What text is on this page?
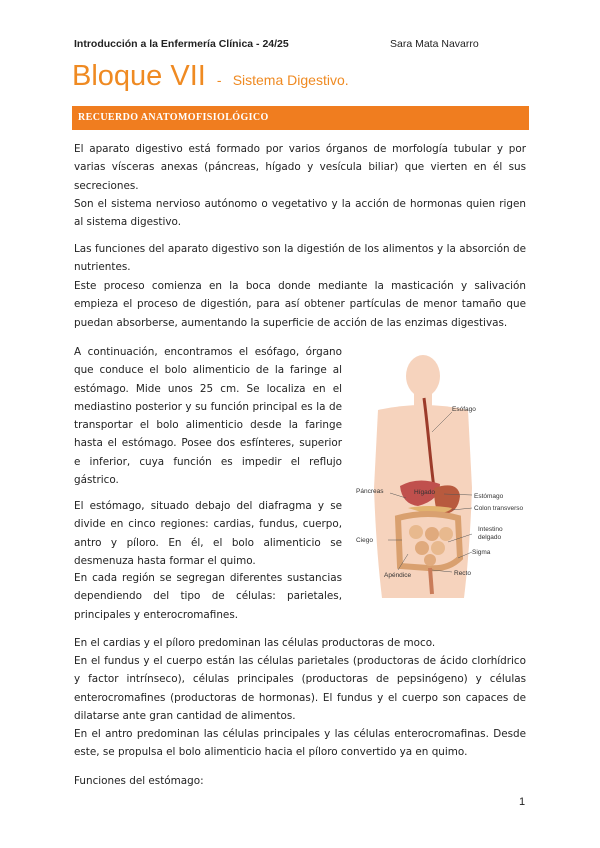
Introducción a la Enfermería Clínica - 24/25	Sara Mata Navarro
Bloque VII - Sistema Digestivo.
RECUERDO ANATOMOFISIOLÓGICO

El aparato digestivo está formado por varios órganos de morfología tubular y por varias vísceras anexas (páncreas, hígado y vesícula biliar) que vierten en él sus secreciones.

Son el sistema nervioso autónomo o vegetativo y la acción de hormonas quien rigen al sistema digestivo.

Las funciones del aparato digestivo son la digestión de los alimentos y la absorción de nutrientes.

Este proceso comienza en la boca donde mediante la masticación y salivación empieza el proceso de digestión, para así obtener partículas de menor tamaño que puedan absorberse, aumentando la superficie de acción de las enzimas digestivas.

A continuación, encontramos el esófago, órgano que conduce el bolo alimenticio de la faringe al estómago. Mide unos 25 cm. Se localiza en el mediastino posterior y su función principal es la de transportar el bolo alimenticio desde la faringe hasta el estómago. Posee dos esfínteres, superior e inferior, cuya función es impedir el reflujo gástrico.

El estómago, situado debajo del diafragma y se divide en cinco regiones: cardias, fundus, cuerpo, antro y píloro. En él, el bolo alimenticio se desmenuza hasta formar el quimo.

En cada región se segregan diferentes sustancias dependiendo del tipo de células: parietales, principales y enterocromafines.

En el cardias y el píloro predominan las células productoras de moco.

En el fundus y el cuerpo están las células parietales (productoras de ácido clorhídrico y factor intrínseco), células principales (productoras de pepsinógeno) y células enterocromafines (productoras de hormonas). El fundus y el cuerpo son capaces de dilatarse ante gran cantidad de alimentos.

En el antro predominan las células principales y las células enterocromafinas. Desde este, se propulsa el bolo alimenticio hacia el píloro convertido ya en quimo.

Funciones del estómago:

Esófago
Páncreas	Hígado
Estómago
Colon transverso
Intestino
delgado
Ciego
Sigma
Recto
Apéndice
1
